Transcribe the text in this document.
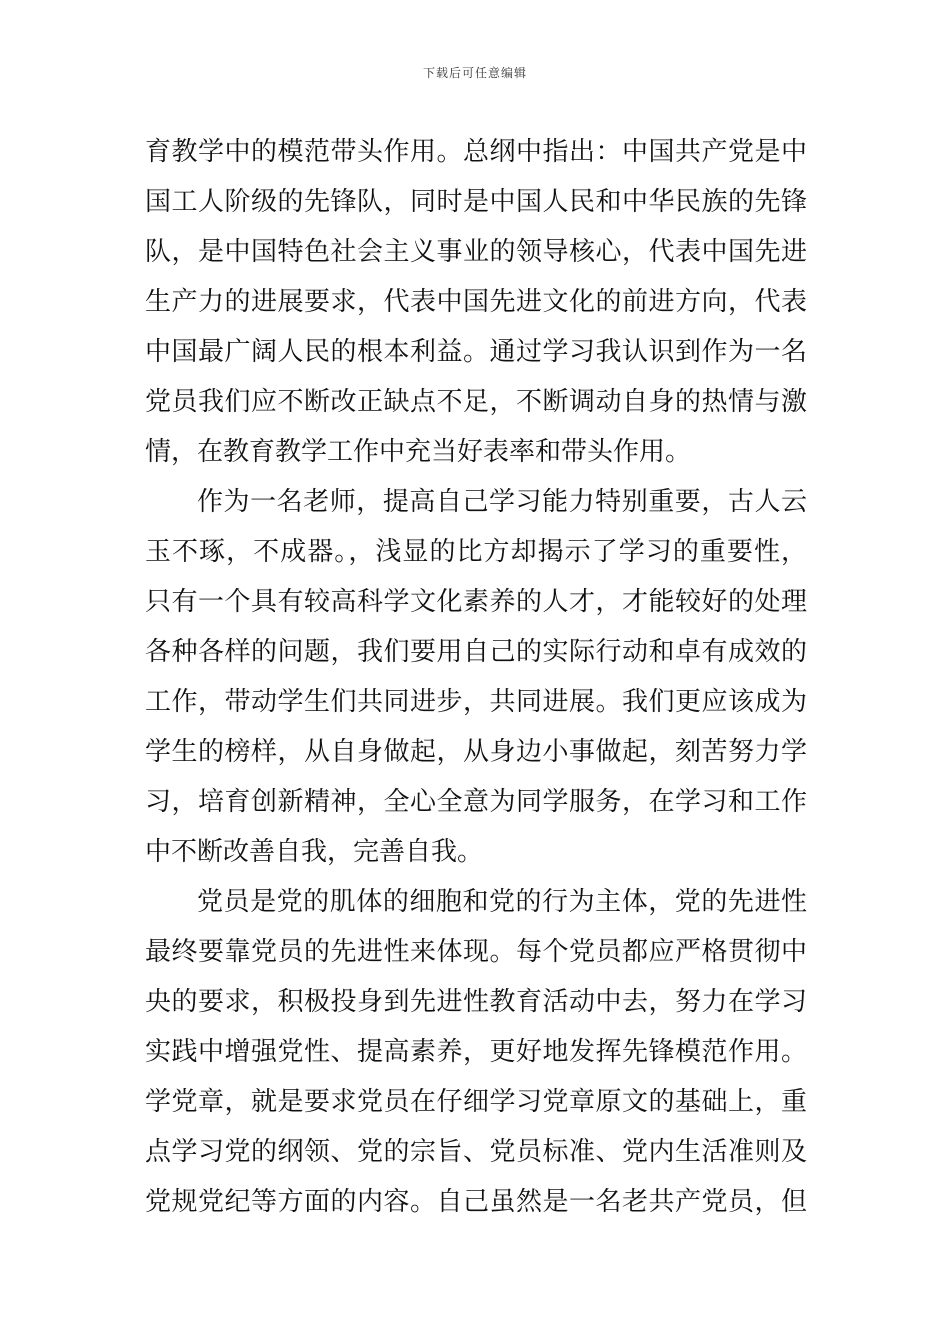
下载后可任意编辑
育教学中的模范带头作用。总纲中指出：中国共产党是中
国工人阶级的先锋队，同时是中国人民和中华民族的先锋
队，是中国特色社会主义事业的领导核心，代表中国先进
生产力的进展要求，代表中国先进文化的前进方向，代表
中国最广阔人民的根本利益。通过学习我认识到作为一名
党员我们应不断改正缺点不足，不断调动自身的热情与激
情，在教育教学工作中充当好表率和带头作用。
作为一名老师，提高自己学习能力特别重要，古人云
玉不琢，不成器。，浅显的比方却揭示了学习的重要性，
只有一个具有较高科学文化素养的人才，才能较好的处理
各种各样的问题，我们要用自己的实际行动和卓有成效的
工作，带动学生们共同进步，共同进展。我们更应该成为
学生的榜样，从自身做起，从身边小事做起，刻苦努力学
习，培育创新精神，全心全意为同学服务，在学习和工作
中不断改善自我，完善自我。
党员是党的肌体的细胞和党的行为主体，党的先进性
最终要靠党员的先进性来体现。每个党员都应严格贯彻中
央的要求，积极投身到先进性教育活动中去，努力在学习
实践中增强党性、提高素养，更好地发挥先锋模范作用。
学党章，就是要求党员在仔细学习党章原文的基础上，重
点学习党的纲领、党的宗旨、党员标准、党内生活准则及
党规党纪等方面的内容。自己虽然是一名老共产党员，但
